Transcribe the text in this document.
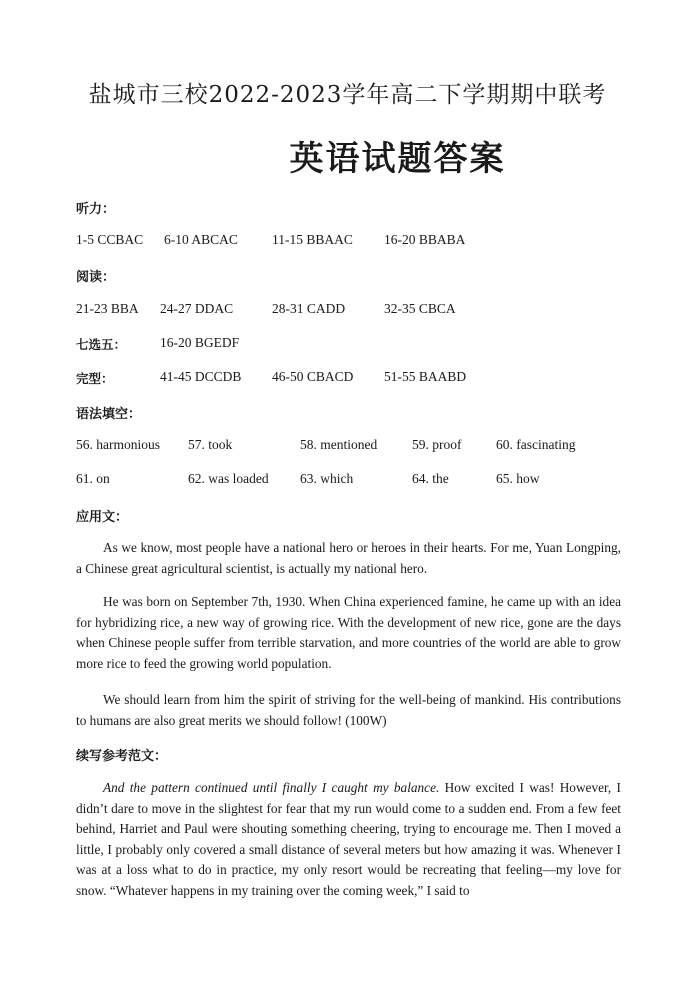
盐城市三校2022-2023学年高二下学期期中联考
英语试题答案
听力：
1-5 CCBAC 6-10 ABCAC	11-15 BBAAC 16-20 BBABA
阅读：
21-23 BBA 24-27 DDAC	28-31 CADD	32-35 CBCA
七选五：	16-20 BGEDF
完型：	41-45 DCCDB 46-50 CBACD 51-55 BAABD
语法填空：
56. harmonious 57. took	58. mentioned	59. proof	60. fascinating
61. on	62. was loaded 63. which	64. the	65. how
应用文：

As we know, most people have a national hero or heroes in their hearts. For me, Yuan Longping, a Chinese great agricultural scientist, is actually my national hero.

He was born on September 7th, 1930. When China experienced famine, he came up with an idea for hybridizing rice, a new way of growing rice. With the development of new rice, gone are the days when Chinese people suffer from terrible starvation, and more countries of the world are able to grow more rice to feed the growing world population.

We should learn from him the spirit of striving for the well-being of mankind. His contributions to humans are also great merits we should follow! (100W)

续写参考范文：

And the pattern continued until finally I caught my balance. How excited I was! However, I didn’t dare to move in the slightest for fear that my run would come to a sudden end. From a few feet behind, Harriet and Paul were shouting something cheering, trying to encourage me. Then I moved a little, I probably only covered a small distance of several meters but how amazing it was. Whenever I was at a loss what to do in practice, my only resort would be recreating that feeling—my love for snow. “Whatever happens in my training over the coming week,” I said to
